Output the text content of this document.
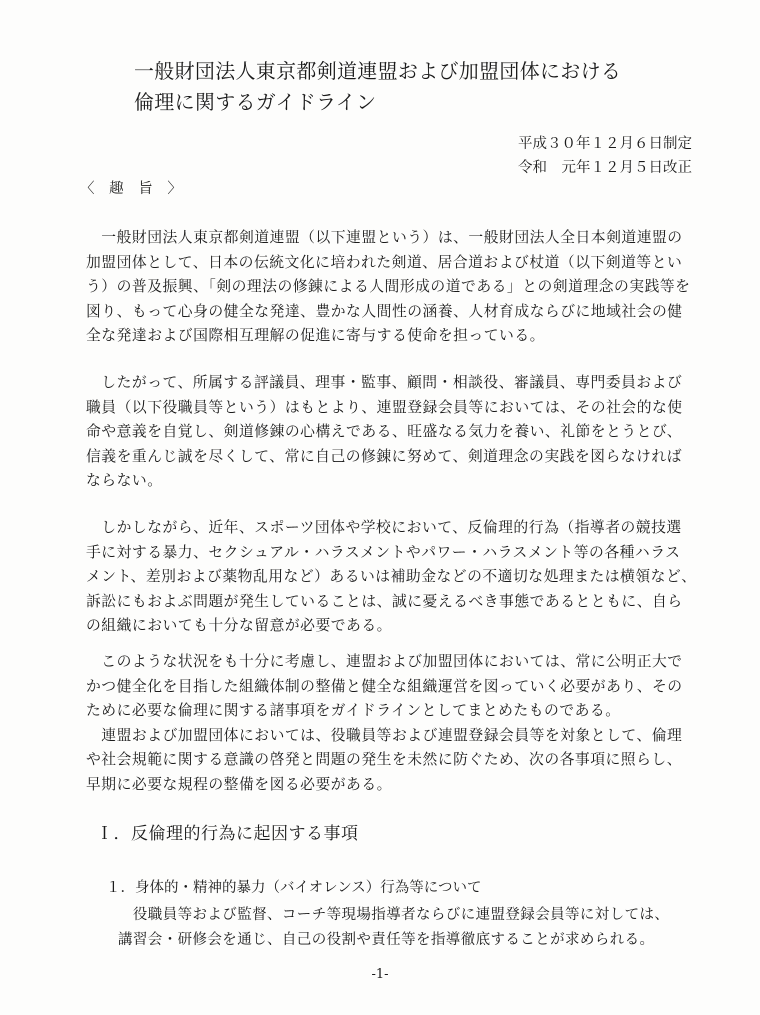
一般財団法人東京都剣道連盟および加盟団体における
倫理に関するガイドライン
平成３０年１２月６日制定
令和　元年１２月５日改正
〈 趣 旨 〉
　一般財団法人東京都剣道連盟（以下連盟という）は、一般財団法人全日本剣道連盟の
加盟団体として、日本の伝統文化に培われた剣道、居合道および杖道（以下剣道等とい
う）の普及振興、「剣の理法の修錬による人間形成の道である」との剣道理念の実践等を
図り、もって心身の健全な発達、豊かな人間性の涵養、人材育成ならびに地域社会の健
全な発達および国際相互理解の促進に寄与する使命を担っている。
　したがって、所属する評議員、理事・監事、顧問・相談役、審議員、専門委員および
職員（以下役職員等という）はもとより、連盟登録会員等においては、その社会的な使
命や意義を自覚し、剣道修錬の心構えである、旺盛なる気力を養い、礼節をとうとび、
信義を重んじ誠を尽くして、常に自己の修錬に努めて、剣道理念の実践を図らなければ
ならない。
　しかしながら、近年、スポーツ団体や学校において、反倫理的行為（指導者の競技選
手に対する暴力、セクシュアル・ハラスメントやパワー・ハラスメント等の各種ハラス
メント、差別および薬物乱用など）あるいは補助金などの不適切な処理または横領など、
訴訟にもおよぶ問題が発生していることは、誠に憂えるべき事態であるとともに、自ら
の組織においても十分な留意が必要である。
　このような状況をも十分に考慮し、連盟および加盟団体においては、常に公明正大で
かつ健全化を目指した組織体制の整備と健全な組織運営を図っていく必要があり、その
ために必要な倫理に関する諸事項をガイドラインとしてまとめたものである。
　連盟および加盟団体においては、役職員等および連盟登録会員等を対象として、倫理
や社会規範に関する意識の啓発と問題の発生を未然に防ぐため、次の各事項に照らし、
早期に必要な規程の整備を図る必要がある。
Ｉ．反倫理的行為に起因する事項
１．身体的・精神的暴力（バイオレンス）行為等について
　役職員等および監督、コーチ等現場指導者ならびに連盟登録会員等に対しては、
講習会・研修会を通じ、自己の役割や責任等を指導徹底することが求められる。
-1-
